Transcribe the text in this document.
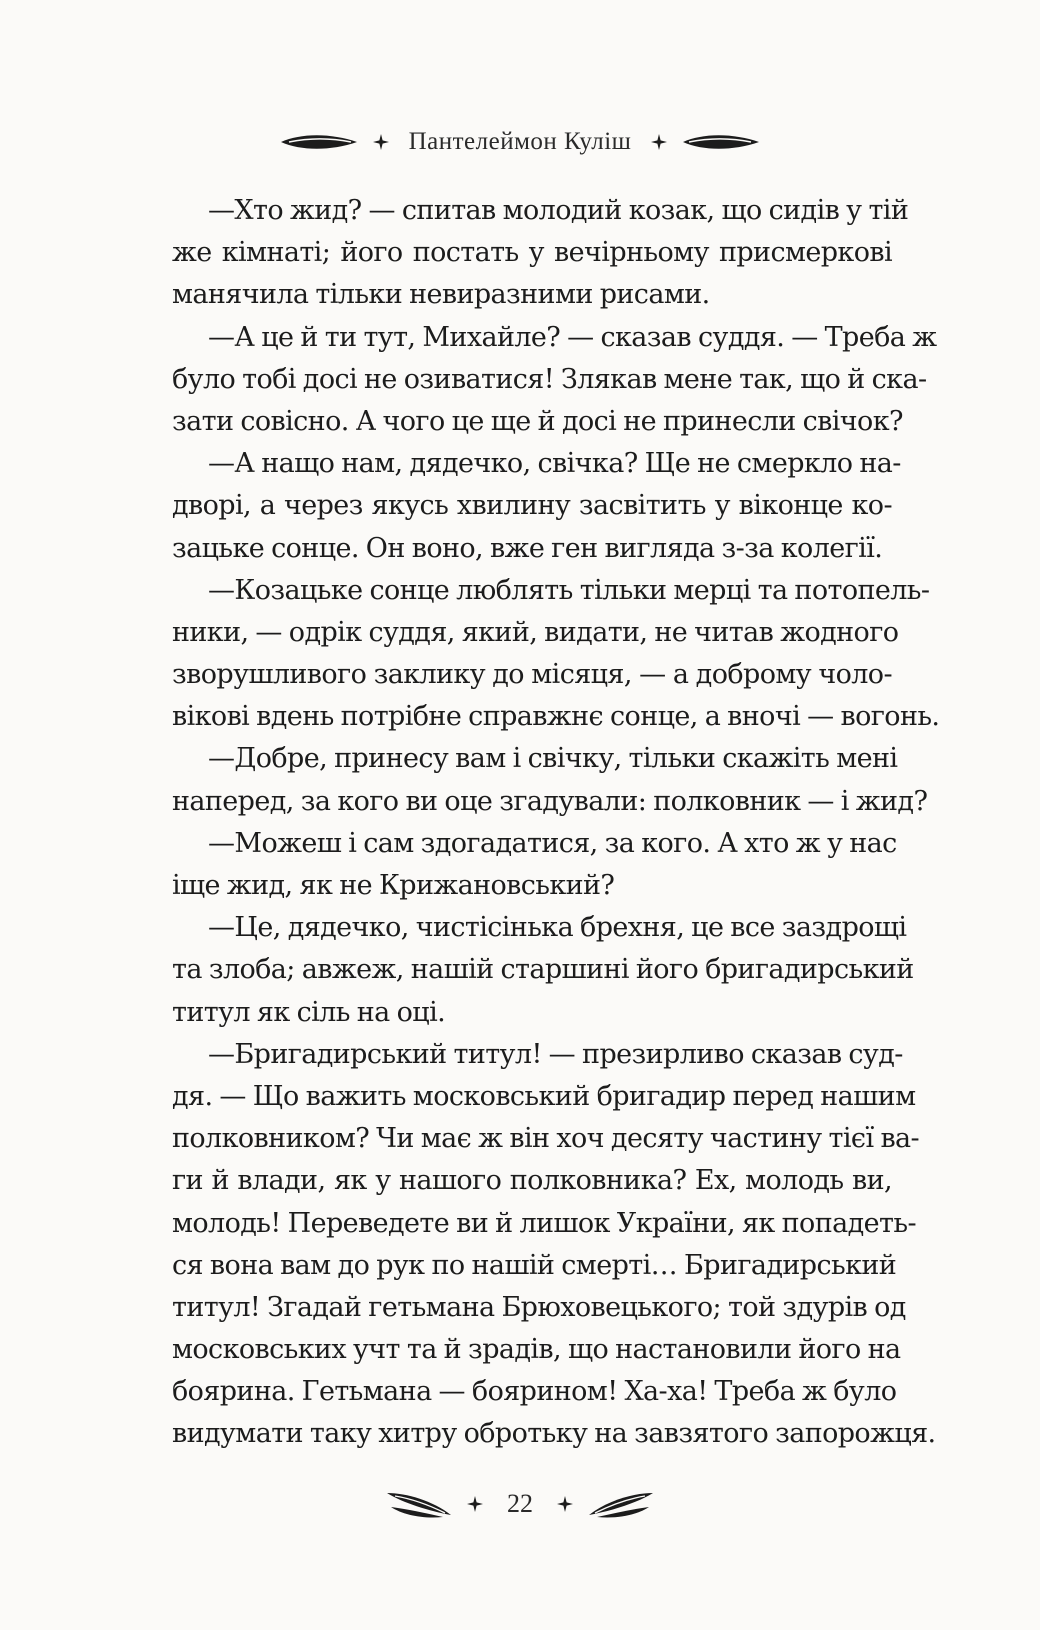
Пантелеймон Куліш
—Хто жид? — спитав молодий козак, що сидів у тій
же кімнаті; його постать у вечірньому присмеркові
манячила тільки невиразними рисами.
—А це й ти тут, Михайле? — сказав суддя. — Треба ж
було тобі досі не озиватися! Злякав мене так, що й ска-
зати совісно. А чого це ще й досі не принесли свічок?
—А нащо нам, дядечко, свічка? Ще не смеркло на-
дворі, а через якусь хвилину засвітить у віконце ко-
зацьке сонце. Он воно, вже ген вигляда з-за колегії.
—Козацьке сонце люблять тільки мерці та потопель-
ники, — одрік суддя, який, видати, не читав жодного
зворушливого заклику до місяця, — а доброму чоло-
вікові вдень потрібне справжнє сонце, а вночі — вогонь.
—Добре, принесу вам і свічку, тільки скажіть мені
наперед, за кого ви оце згадували: полковник — і жид?
—Можеш і сам здогадатися, за кого. А хто ж у нас
іще жид, як не Крижановський?
—Це, дядечко, чистісінька брехня, це все заздрощі
та злоба; авжеж, нашій старшині його бригадирський
титул як сіль на оці.
—Бригадирський титул! — презирливо сказав суд-
дя. — Що важить московський бригадир перед нашим
полковником? Чи має ж він хоч десяту частину тієї ва-
ги й влади, як у нашого полковника? Ех, молодь ви,
молодь! Переведете ви й лишок України, як попадеть-
ся вона вам до рук по нашій смерті… Бригадирський
титул! Згадай гетьмана Брюховецького; той здурів од
московських учт та й зрадів, що настановили його на
боярина. Гетьмана — боярином! Ха-ха! Треба ж було
видумати таку хитру обротьку на завзятого запорожця.
22
